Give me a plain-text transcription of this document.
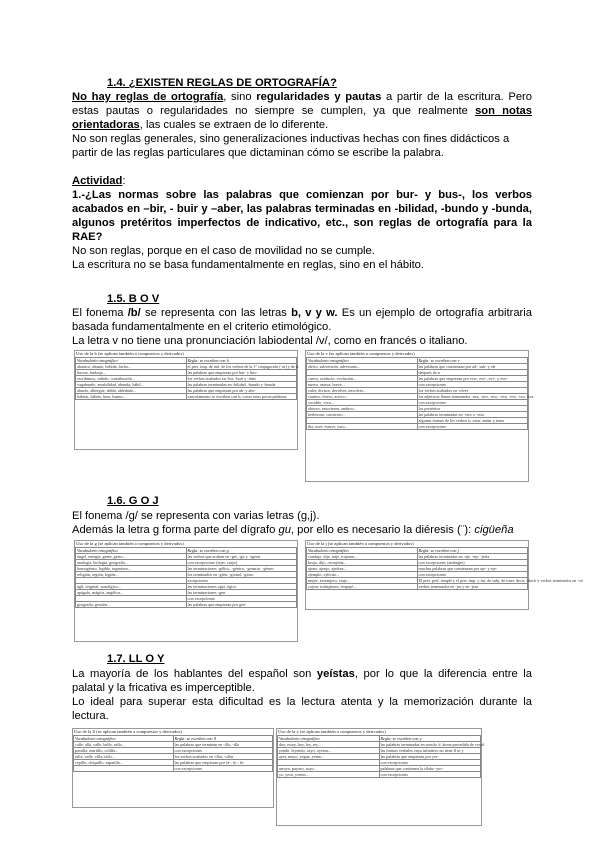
1.4. ¿EXISTEN REGLAS DE ORTOGRAFÍA?
No hay reglas de ortografía, sino regularidades y pautas a partir de la escritura. Pero
estas pautas o regularidades no siempre se cumplen, ya que realmente son notas
orientadoras, las cuales se extraen de lo diferente.
No son reglas generales, sino generalizaciones inductivas hechas con fines didácticos a
partir de las reglas particulares que dictaminan cómo se escribe la palabra.
Actividad:
1.-¿Las normas sobre las palabras que comienzan por bur- y bus-, los verbos
acabados en –bir, - buir y –aber, las palabras terminadas en -bilidad, -bundo y -bunda,
algunos pretéritos imperfectos de indicativo, etc., son reglas de ortografía para la
RAE?
No son reglas, porque en el caso de movilidad no se cumple.
La escritura no se basa fundamentalmente en reglas, sino en el hábito.
1.5. B O V
El fonema /b/ se representa con las letras b, v y w. Es un ejemplo de ortografía arbitraria
basada fundamentalmente en el criterio etimológico.
La letra v no tiene una pronunciación labiodental /v/, como en francés o italiano.
Uso de la b (se aplican también a compuestos y derivados)
Vocabulario ortográfico	Regla: se escriben con b
abanico, abanto, bebida, bicho...	el pret. imp. de ind. de los verbos de la 1ª conjugación (-ar) y de ir.
buscar, burbuja...	las palabras que empiezan por bur- y bus-.
escribimos, subido, contribución...	los verbos acabados en -bir, -buir y -aber
vagabundo, amabilidad, abunda, hábil...	las palabras terminadas en -bilidad, -bundo y -bunda
abuelo, albergue, abbla, abledado...	las palabras que empiezan por ab- y abs-
hábitat, hábito, bien, bueno...	cancelamento se escriben con b, como estas pocas palabras
Uso de la v (se aplican también a compuestos y derivados)
Vocabulario ortográfico	Regla: se escriben con v
obvio, subversión, adversario...	las palabras que comienzan por ad-, sub- y ob-
	después de n
cueva, oviducto, evolución...	las palabras que empiezan por eva-, eve-, evi-, y evo-
nuevo, nueva, breve...	con excepciones
valer, divisor, devolver, envolver...	los verbos acabados en -olver
cautivo, lesivo, activo...	los adjetivos llanos terminados -ava, -ave, -avo, -eva, -eve, -ivo, -iva
vocablo, viva...	con excepciones
obtuvo, estuvieron, anduvo...	los pretéritos
herbívoro, carnívoro...	las palabras terminadas en -viro o -vira
	algunas formas de los verbos ir, estar, andar y tener
iba, tuve, estuve, tuvo...	con excepciones
1.6. G O J
El fonema /g/ se representa con varias letras (g,j).
Además la letra g forma parte del dígrafo gu, por ello es necesario la diéresis (¨): cigüeña
Uso de la g (se aplican también a compuestos y derivados)
Vocabulario ortográfico	Regla: se escriben con g
ángel, energía, gente, gesto...	las verbos que acaban en -ger, -gir y -igerar
analogía, biología, geografía...	con excepciones (tejer, crujir)
homogéneo, legible, ingeniero...	las terminaciones -gélico, -génico, -genario, -géneo
religión, región, legión...	los terminados en -gión, -gional, -gioso
	excepciones
ágil, original, nostálgico...	las terminaciones ogía, ógico
apágalo, mágica, angélica...	las terminaciones -gen
	con excepciones
geografía, gestión...	las palabras que empiezan por geo-
Uso de la j (se aplican también a compuestos y derivados)
Vocabulario ortográfico	Regla: se escriben con j
conduje, dije, traje, trajeron...	las palabras terminadas en -aje, -eje, -jería
brujo, dijo, cerrajería...	con excepciones (ambages)
ajeno, ajenjo, ajedrez...	muchas palabras que comienzan por aje- y eje-
ejemplo, ejército...	con excepciones
mujer, extranjero, viaje...	El pret. perf. simple y el pret. imp. y fut. de subj. de traer, decir, -ducir y verbos terminados en -cir
cojear, trabajamos, empujé...	verbos terminados en -jar y en -jear
1.7. LL O Y
La mayoría de los hablantes del español son yeístas, por lo que la diferencia entre la
palatal y la fricativa es imperceptible.
Lo ideal para superar esta dificultad es la lectura atenta y la memorización durante la
lectura.
Uso de la ll (se aplican también a compuestos y derivados)
Vocabulario ortográfico	Regla: se escriben con ll
calle, allá, valle, bello, sello...	las palabras que terminan en -illo, -illa
pastilla, martillo, colilla...	con excepciones
falla, valle, villa, tallo...	los verbos acabados en -illar, -ullar
cepillo, chiquillo, zapatilla...	las palabras que empiezan por fa-, fo-, fu-
	con excepciones
Uso de la y (se aplican también a compuestos y derivados)
Vocabulario ortográfico	Regla: se escriben con y
doy, estoy, hoy, ley, rey...	las palabras terminadas en sonido /i/ átona precedida de vocal
yendo, leyendo, cayó, oyeron...	las formas verbales cuya infinitivo no tiene ll ni y
ayer, mayo, yegua, yema...	las palabras que empiezan por yer-
	con excepciones
arroyo, payaso, suyo...	palabras que contienen la sílaba -yec-
yo, yeso, yermo...	con excepciones
